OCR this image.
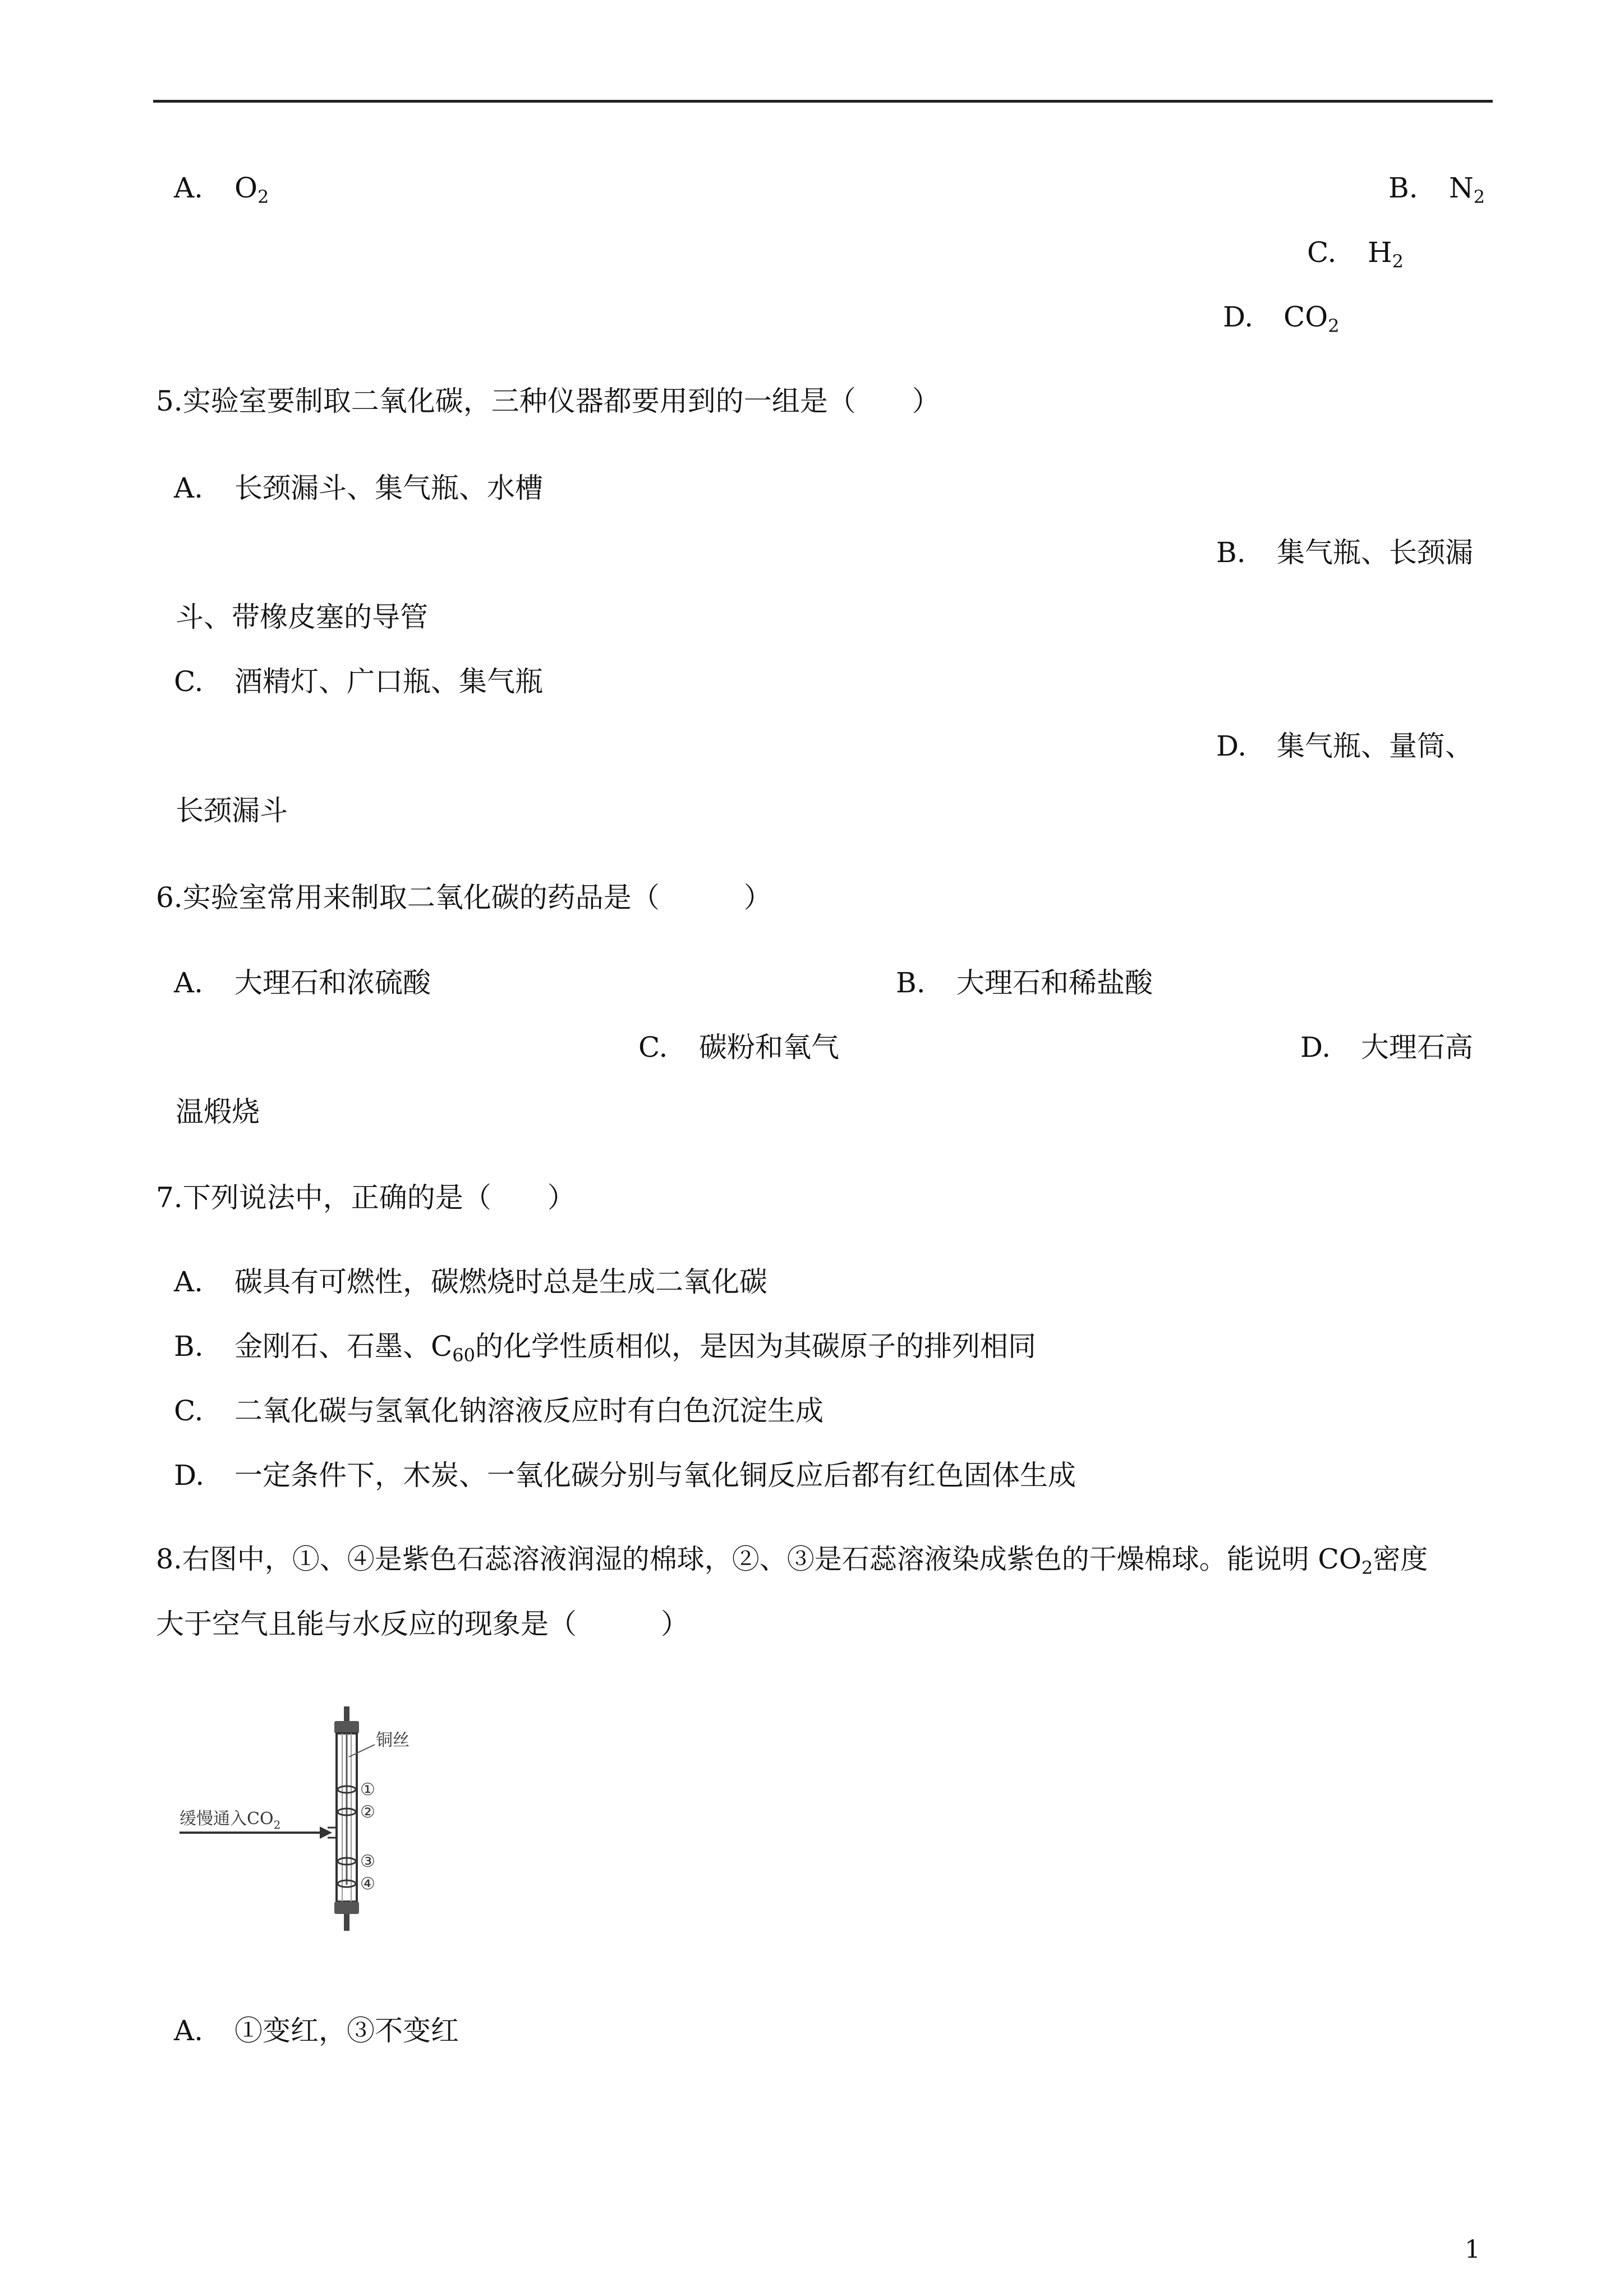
A. $O_2$	B. $N_2$
C. $H_2$
D. $CO_2$
5.实验室要制取二氧化碳，三种仪器都要用到的一组是（　　）
A. 长颈漏斗、集气瓶、水槽
B. 集气瓶、长颈漏
斗、带橡皮塞的导管
C. 酒精灯、广口瓶、集气瓶
D. 集气瓶、量筒、
长颈漏斗
6.实验室常用来制取二氧化碳的药品是（　　　）
A. 大理石和浓硫酸	B. 大理石和稀盐酸
C. 碳粉和氧气	D. 大理石高
温煅烧
7.下列说法中，正确的是（　　）
A. 碳具有可燃性，碳燃烧时总是生成二氧化碳
B. 金刚石、石墨、$C_{60}$的化学性质相似，是因为其碳原子的排列相同
C. 二氧化碳与氢氧化钠溶液反应时有白色沉淀生成
D. 一定条件下，木炭、一氧化碳分别与氧化铜反应后都有红色固体生成
8.右图中，①、④是紫色石蕊溶液润湿的棉球，②、③是石蕊溶液染成紫色的干燥棉球。能说明 $CO_2$密度
大于空气且能与水反应的现象是（　　　）
铜丝
缓慢通入$CO_2$
①
②
③
④
A. ①变红，③不变红
1
